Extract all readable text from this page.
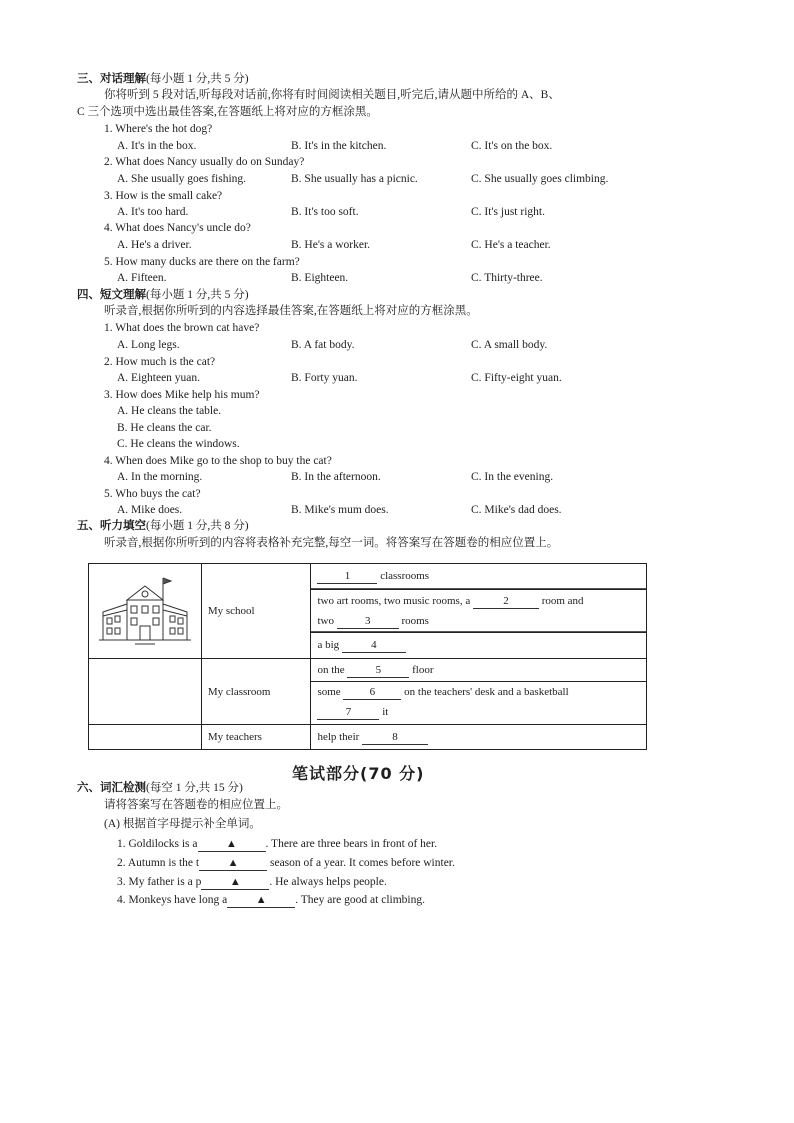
三、对话理解(每小题 1 分,共 5 分)
你将听到 5 段对话,听每段对话前,你将有时间阅读相关题目,听完后,请从题中所给的 A、B、
C 三个选项中选出最佳答案,在答题纸上将对应的方框涂黑。
1. Where's the hot dog?
A. It's in the box.	B. It's in the kitchen.	C. It's on the box.
2. What does Nancy usually do on Sunday?
A. She usually goes fishing.	B. She usually has a picnic.	C. She usually goes climbing.
3. How is the small cake?
A. It's too hard.	B. It's too soft.	C. It's just right.
4. What does Nancy's uncle do?
A. He's a driver.	B. He's a worker.	C. He's a teacher.
5. How many ducks are there on the farm?
A. Fifteen.	B. Eighteen.	C. Thirty-three.
四、短文理解(每小题 1 分,共 5 分)
听录音,根据你所听到的内容选择最佳答案,在答题纸上将对应的方框涂黑。
1. What does the brown cat have?
A. Long legs.	B. A fat body.	C. A small body.
2. How much is the cat?
A. Eighteen yuan.	B. Forty yuan.	C. Fifty-eight yuan.
3. How does Mike help his mum?
A. He cleans the table.
B. He cleans the car.
C. He cleans the windows.
4. When does Mike go to the shop to buy the cat?
A. In the morning.	B. In the afternoon.	C. In the evening.
5. Who buys the cat?
A. Mike does.	B. Mike's mum does.	C. Mike's dad does.
五、听力填空(每小题 1 分,共 8 分)
听录音,根据你所听到的内容将表格补充完整,每空一词。将答案写在答题卷的相应位置上。
	My school	1 classrooms

		two art rooms, two music rooms, a 2 room and
two 3 rooms

		a big 4

	My classroom	on the 5 floor

		some 6 on the teachers' desk and a basketball
7 it

	My teachers	help their 8
笔试部分(70 分)
六、词汇检测(每空 1 分,共 15 分)
请将答案写在答题卷的相应位置上。
(A) 根据首字母提示补全单词。
1. Goldilocks is a	▲ . There are three bears in front of her.
2. Autumn is the t	▲ season of a year. It comes before winter.
3. My father is a p	▲ . He always helps people.
4. Monkeys have long a	▲ . They are good at climbing.
